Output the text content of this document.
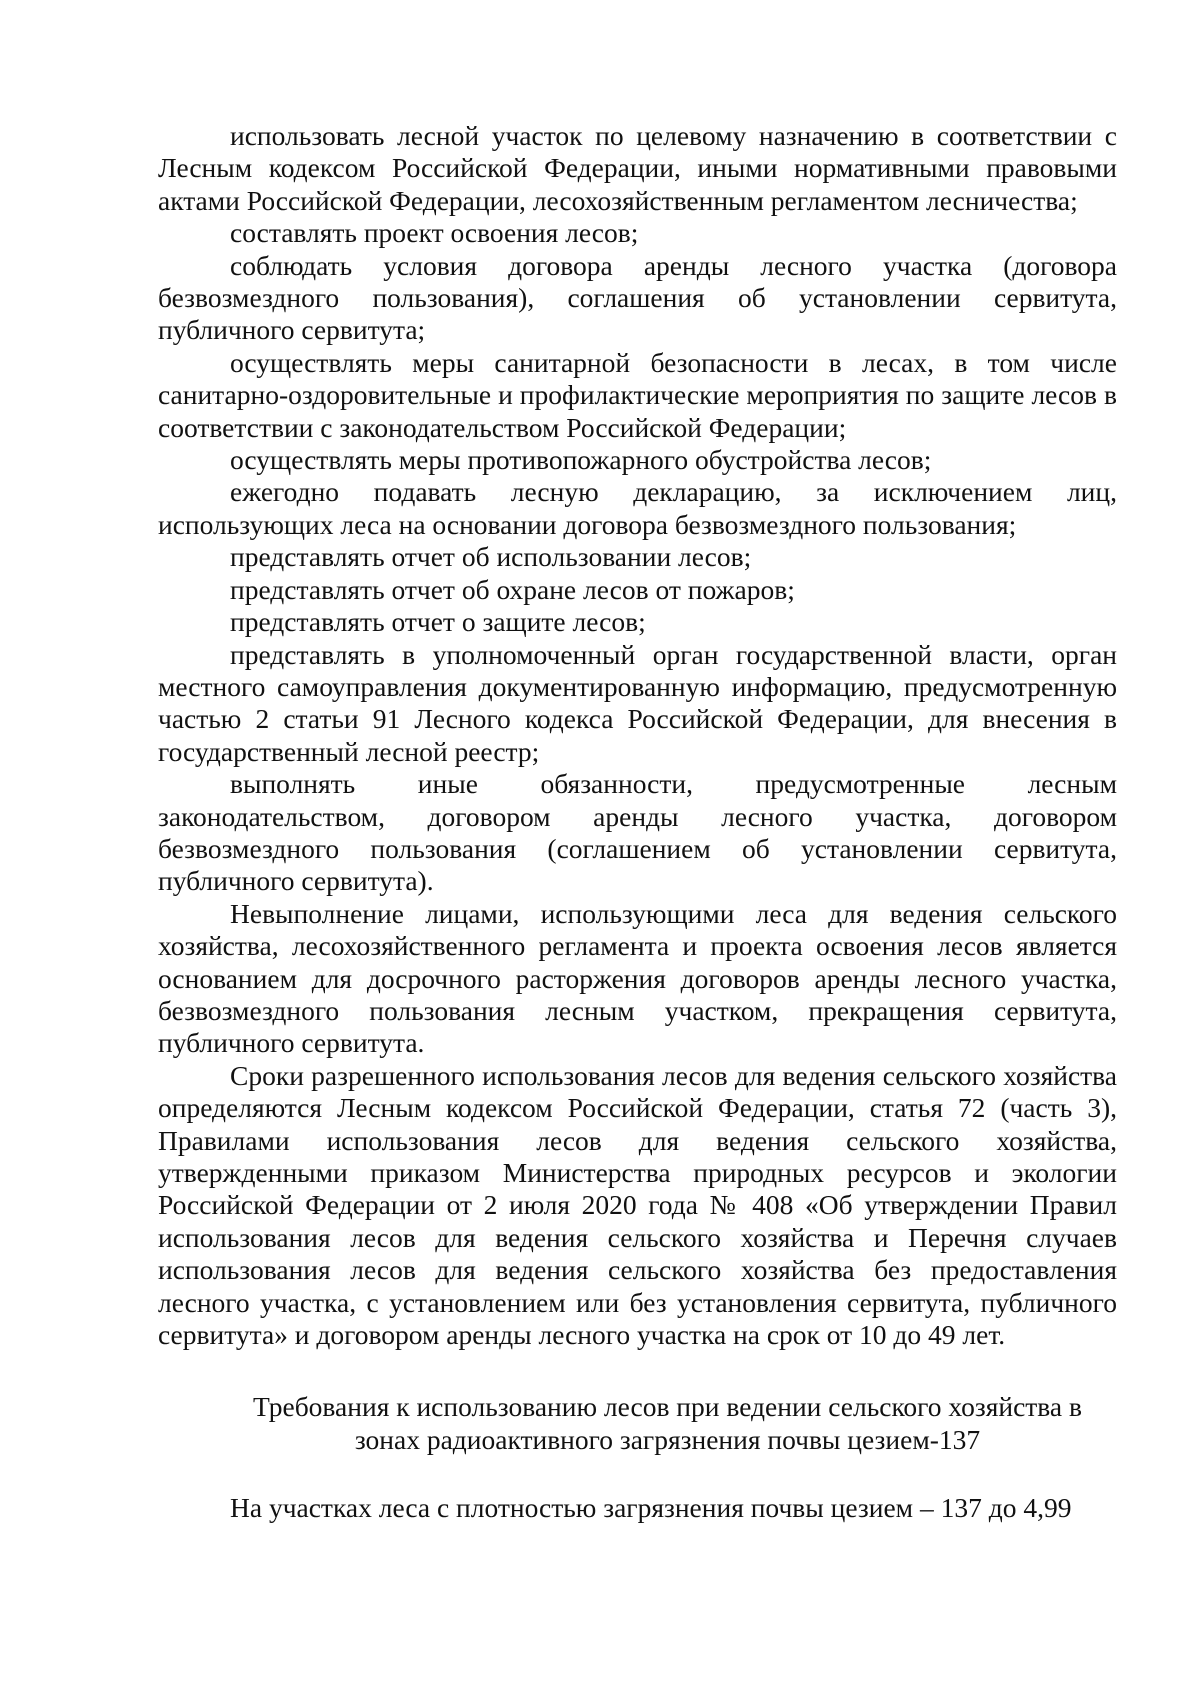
использовать лесной участок по целевому назначению в соответствии с Лесным кодексом Российской Федерации, иными нормативными правовыми актами Российской Федерации, лесохозяйственным регламентом лесничества;

составлять проект освоения лесов;

соблюдать условия договора аренды лесного участка (договора безвозмездного пользования), соглашения об установлении сервитута, публичного сервитута;

осуществлять меры санитарной безопасности в лесах, в том числе санитарно-оздоровительные и профилактические мероприятия по защите лесов в соответствии с законодательством Российской Федерации;

осуществлять меры противопожарного обустройства лесов;

ежегодно подавать лесную декларацию, за исключением лиц, использующих леса на основании договора безвозмездного пользования;

представлять отчет об использовании лесов;

представлять отчет об охране лесов от пожаров;

представлять отчет о защите лесов;

представлять в уполномоченный орган государственной власти, орган местного самоуправления документированную информацию, предусмотренную частью 2 статьи 91 Лесного кодекса Российской Федерации, для внесения в государственный лесной реестр;

выполнять иные обязанности, предусмотренные лесным законодательством, договором аренды лесного участка, договором безвозмездного пользования (соглашением об установлении сервитута, публичного сервитута).

Невыполнение лицами, использующими леса для ведения сельского хозяйства, лесохозяйственного регламента и проекта освоения лесов является основанием для досрочного расторжения договоров аренды лесного участка, безвозмездного пользования лесным участком, прекращения сервитута, публичного сервитута.

Сроки разрешенного использования лесов для ведения сельского хозяйства определяются Лесным кодексом Российской Федерации, статья 72 (часть 3), Правилами использования лесов для ведения сельского хозяйства, утвержденными приказом Министерства природных ресурсов и экологии Российской Федерации от 2 июля 2020 года № 408 «Об утверждении Правил использования лесов для ведения сельского хозяйства и Перечня случаев использования лесов для ведения сельского хозяйства без предоставления лесного участка, с установлением или без установления сервитута, публичного сервитута» и договором аренды лесного участка на срок от 10 до 49 лет.

Требования к использованию лесов при ведении сельского хозяйства в
зонах радиоактивного загрязнения почвы цезием-137

На участках леса с плотностью загрязнения почвы цезием – 137 до 4,99
